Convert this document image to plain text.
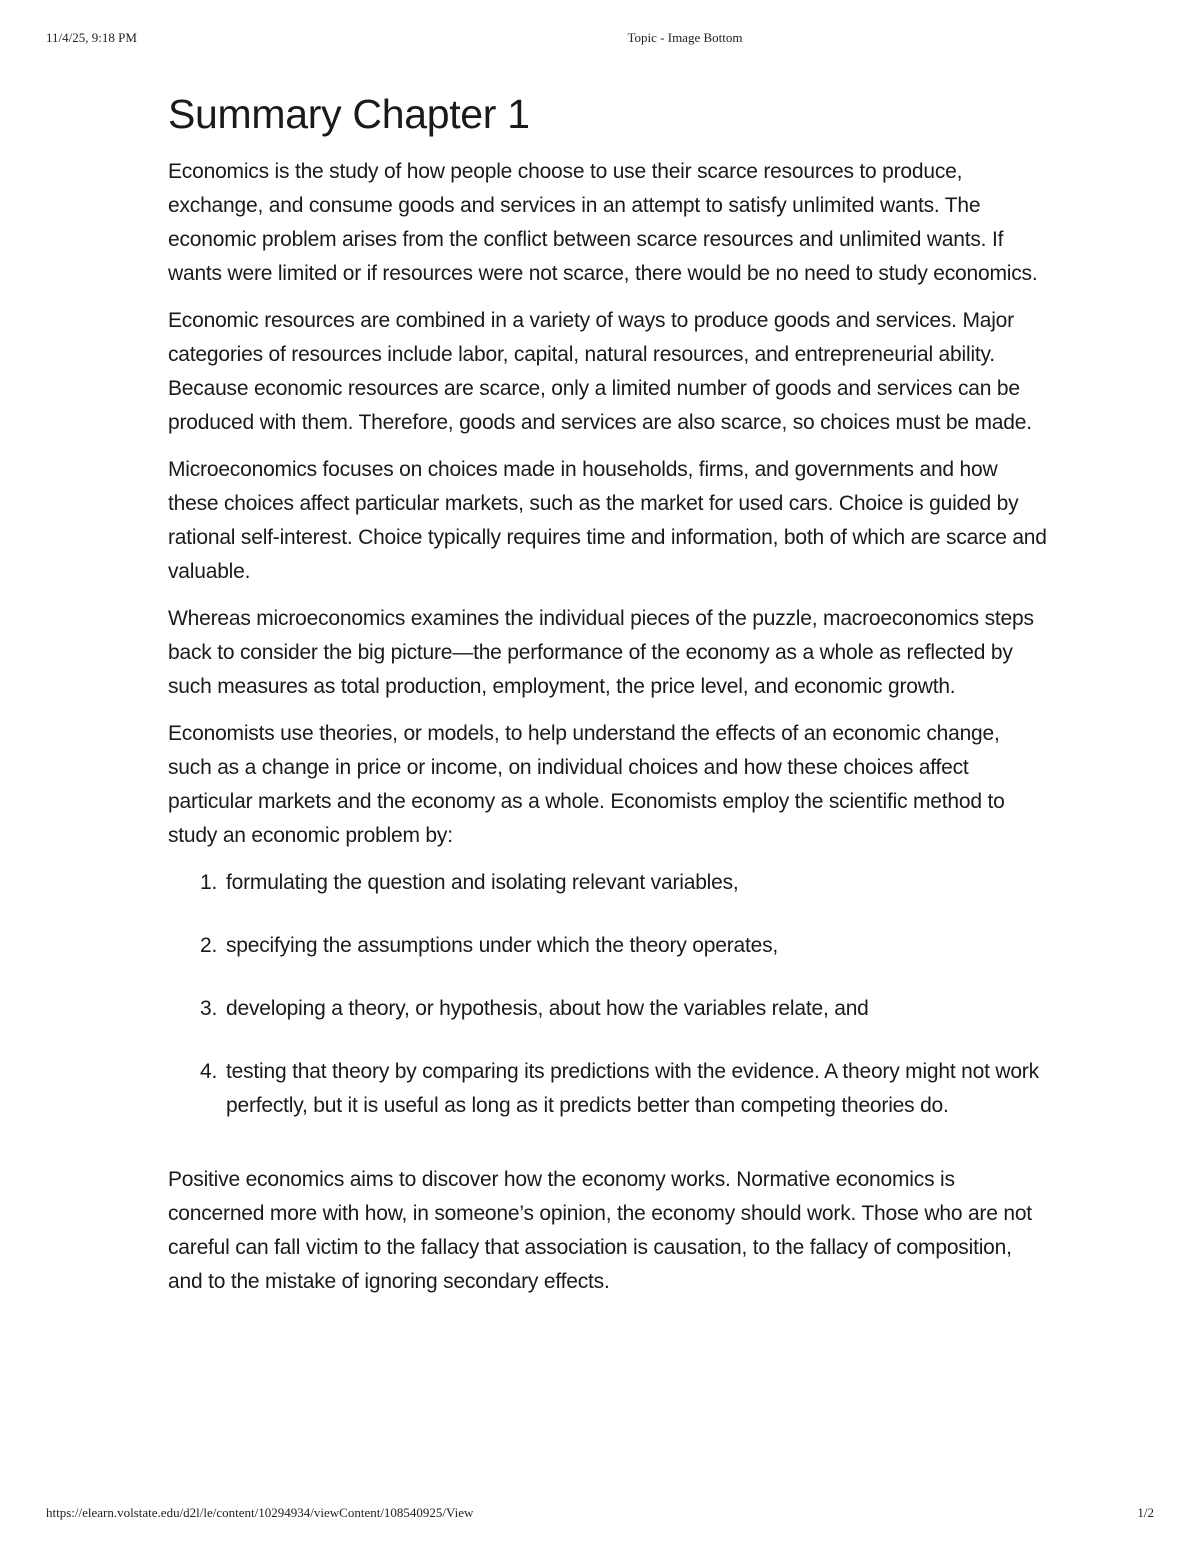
11/4/25, 9:18 PM	Topic - Image Bottom
Summary Chapter 1

Economics is the study of how people choose to use their scarce resources to produce, exchange, and consume goods and services in an attempt to satisfy unlimited wants. The economic problem arises from the conflict between scarce resources and unlimited wants. If wants were limited or if resources were not scarce, there would be no need to study economics.

Economic resources are combined in a variety of ways to produce goods and services. Major categories of resources include labor, capital, natural resources, and entrepreneurial ability. Because economic resources are scarce, only a limited number of goods and services can be produced with them. Therefore, goods and services are also scarce, so choices must be made.

Microeconomics focuses on choices made in households, firms, and governments and how these choices affect particular markets, such as the market for used cars. Choice is guided by rational self-interest. Choice typically requires time and information, both of which are scarce and valuable.

Whereas microeconomics examines the individual pieces of the puzzle, macroeconomics steps back to consider the big picture—the performance of the economy as a whole as reflected by such measures as total production, employment, the price level, and economic growth.

Economists use theories, or models, to help understand the effects of an economic change, such as a change in price or income, on individual choices and how these choices affect particular markets and the economy as a whole. Economists employ the scientific method to study an economic problem by:

1. formulating the question and isolating relevant variables,
2. specifying the assumptions under which the theory operates,
3. developing a theory, or hypothesis, about how the variables relate, and
4. testing that theory by comparing its predictions with the evidence. A theory might not work perfectly, but it is useful as long as it predicts better than competing theories do.

Positive economics aims to discover how the economy works. Normative economics is concerned more with how, in someone’s opinion, the economy should work. Those who are not careful can fall victim to the fallacy that association is causation, to the fallacy of composition, and to the mistake of ignoring secondary effects.

https://elearn.volstate.edu/d2l/le/content/10294934/viewContent/108540925/View	1/2
